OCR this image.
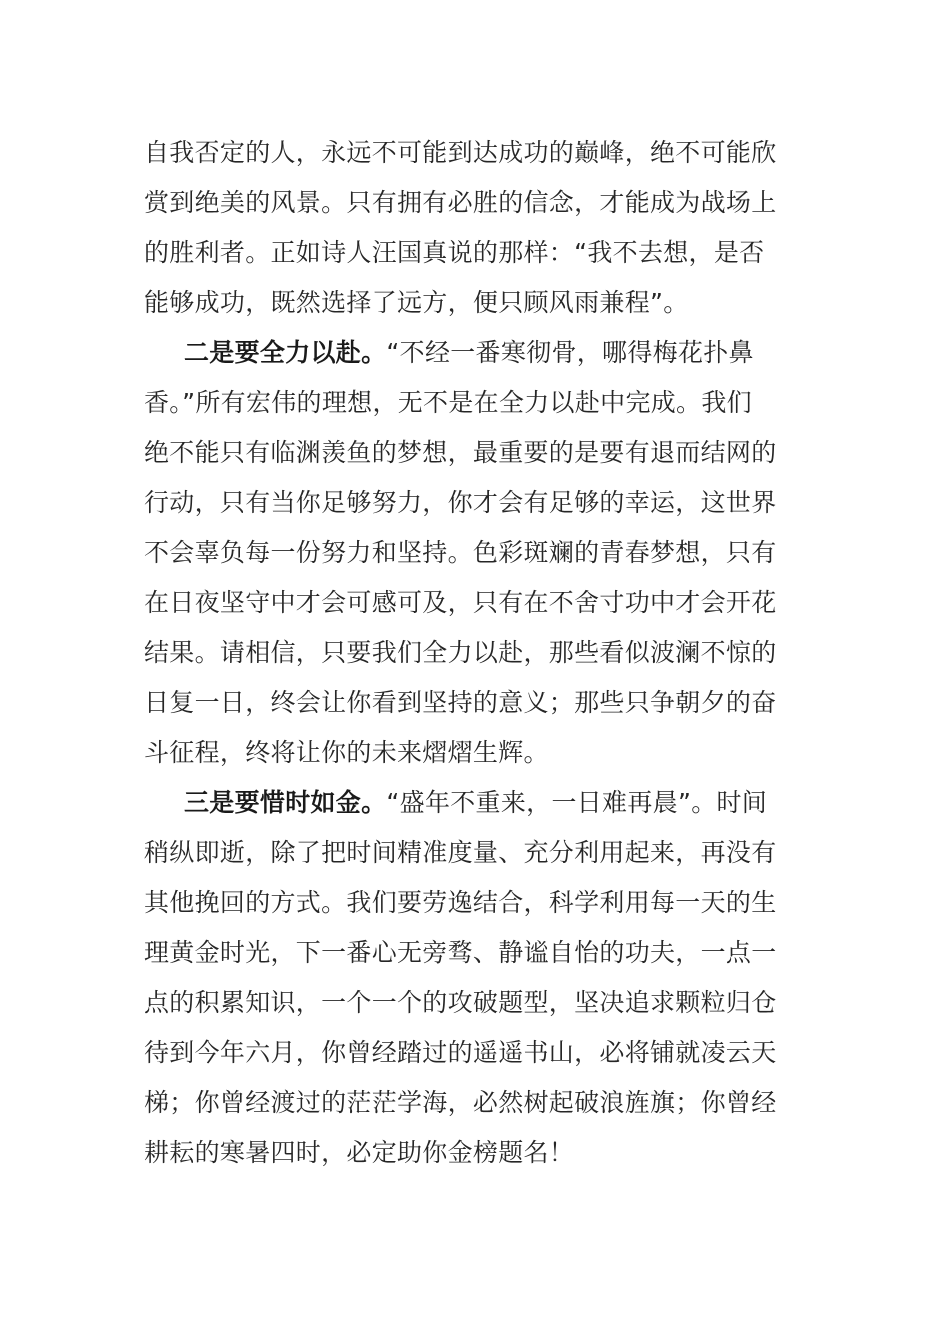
自我否定的人，永远不可能到达成功的巅峰，绝不可能欣
赏到绝美的风景。只有拥有必胜的信念，才能成为战场上
的胜利者。正如诗人汪国真说的那样：“我不去想，是否
能够成功，既然选择了远方，便只顾风雨兼程”。
二是要全力以赴。“不经一番寒彻骨，哪得梅花扑鼻
香。”所有宏伟的理想，无不是在全力以赴中完成。我们
绝不能只有临渊羡鱼的梦想，最重要的是要有退而结网的
行动，只有当你足够努力，你才会有足够的幸运，这世界
不会辜负每一份努力和坚持。色彩斑斓的青春梦想，只有
在日夜坚守中才会可感可及，只有在不舍寸功中才会开花
结果。请相信，只要我们全力以赴，那些看似波澜不惊的
日复一日，终会让你看到坚持的意义；那些只争朝夕的奋
斗征程，终将让你的未来熠熠生辉。
三是要惜时如金。“盛年不重来，一日难再晨”。时间
稍纵即逝，除了把时间精准度量、充分利用起来，再没有
其他挽回的方式。我们要劳逸结合，科学利用每一天的生
理黄金时光，下一番心无旁骛、静谧自怡的功夫，一点一
点的积累知识，一个一个的攻破题型，坚决追求颗粒归仓
待到今年六月，你曾经踏过的遥遥书山，必将铺就凌云天
梯；你曾经渡过的茫茫学海，必然树起破浪旌旗；你曾经
耕耘的寒暑四时，必定助你金榜题名！
